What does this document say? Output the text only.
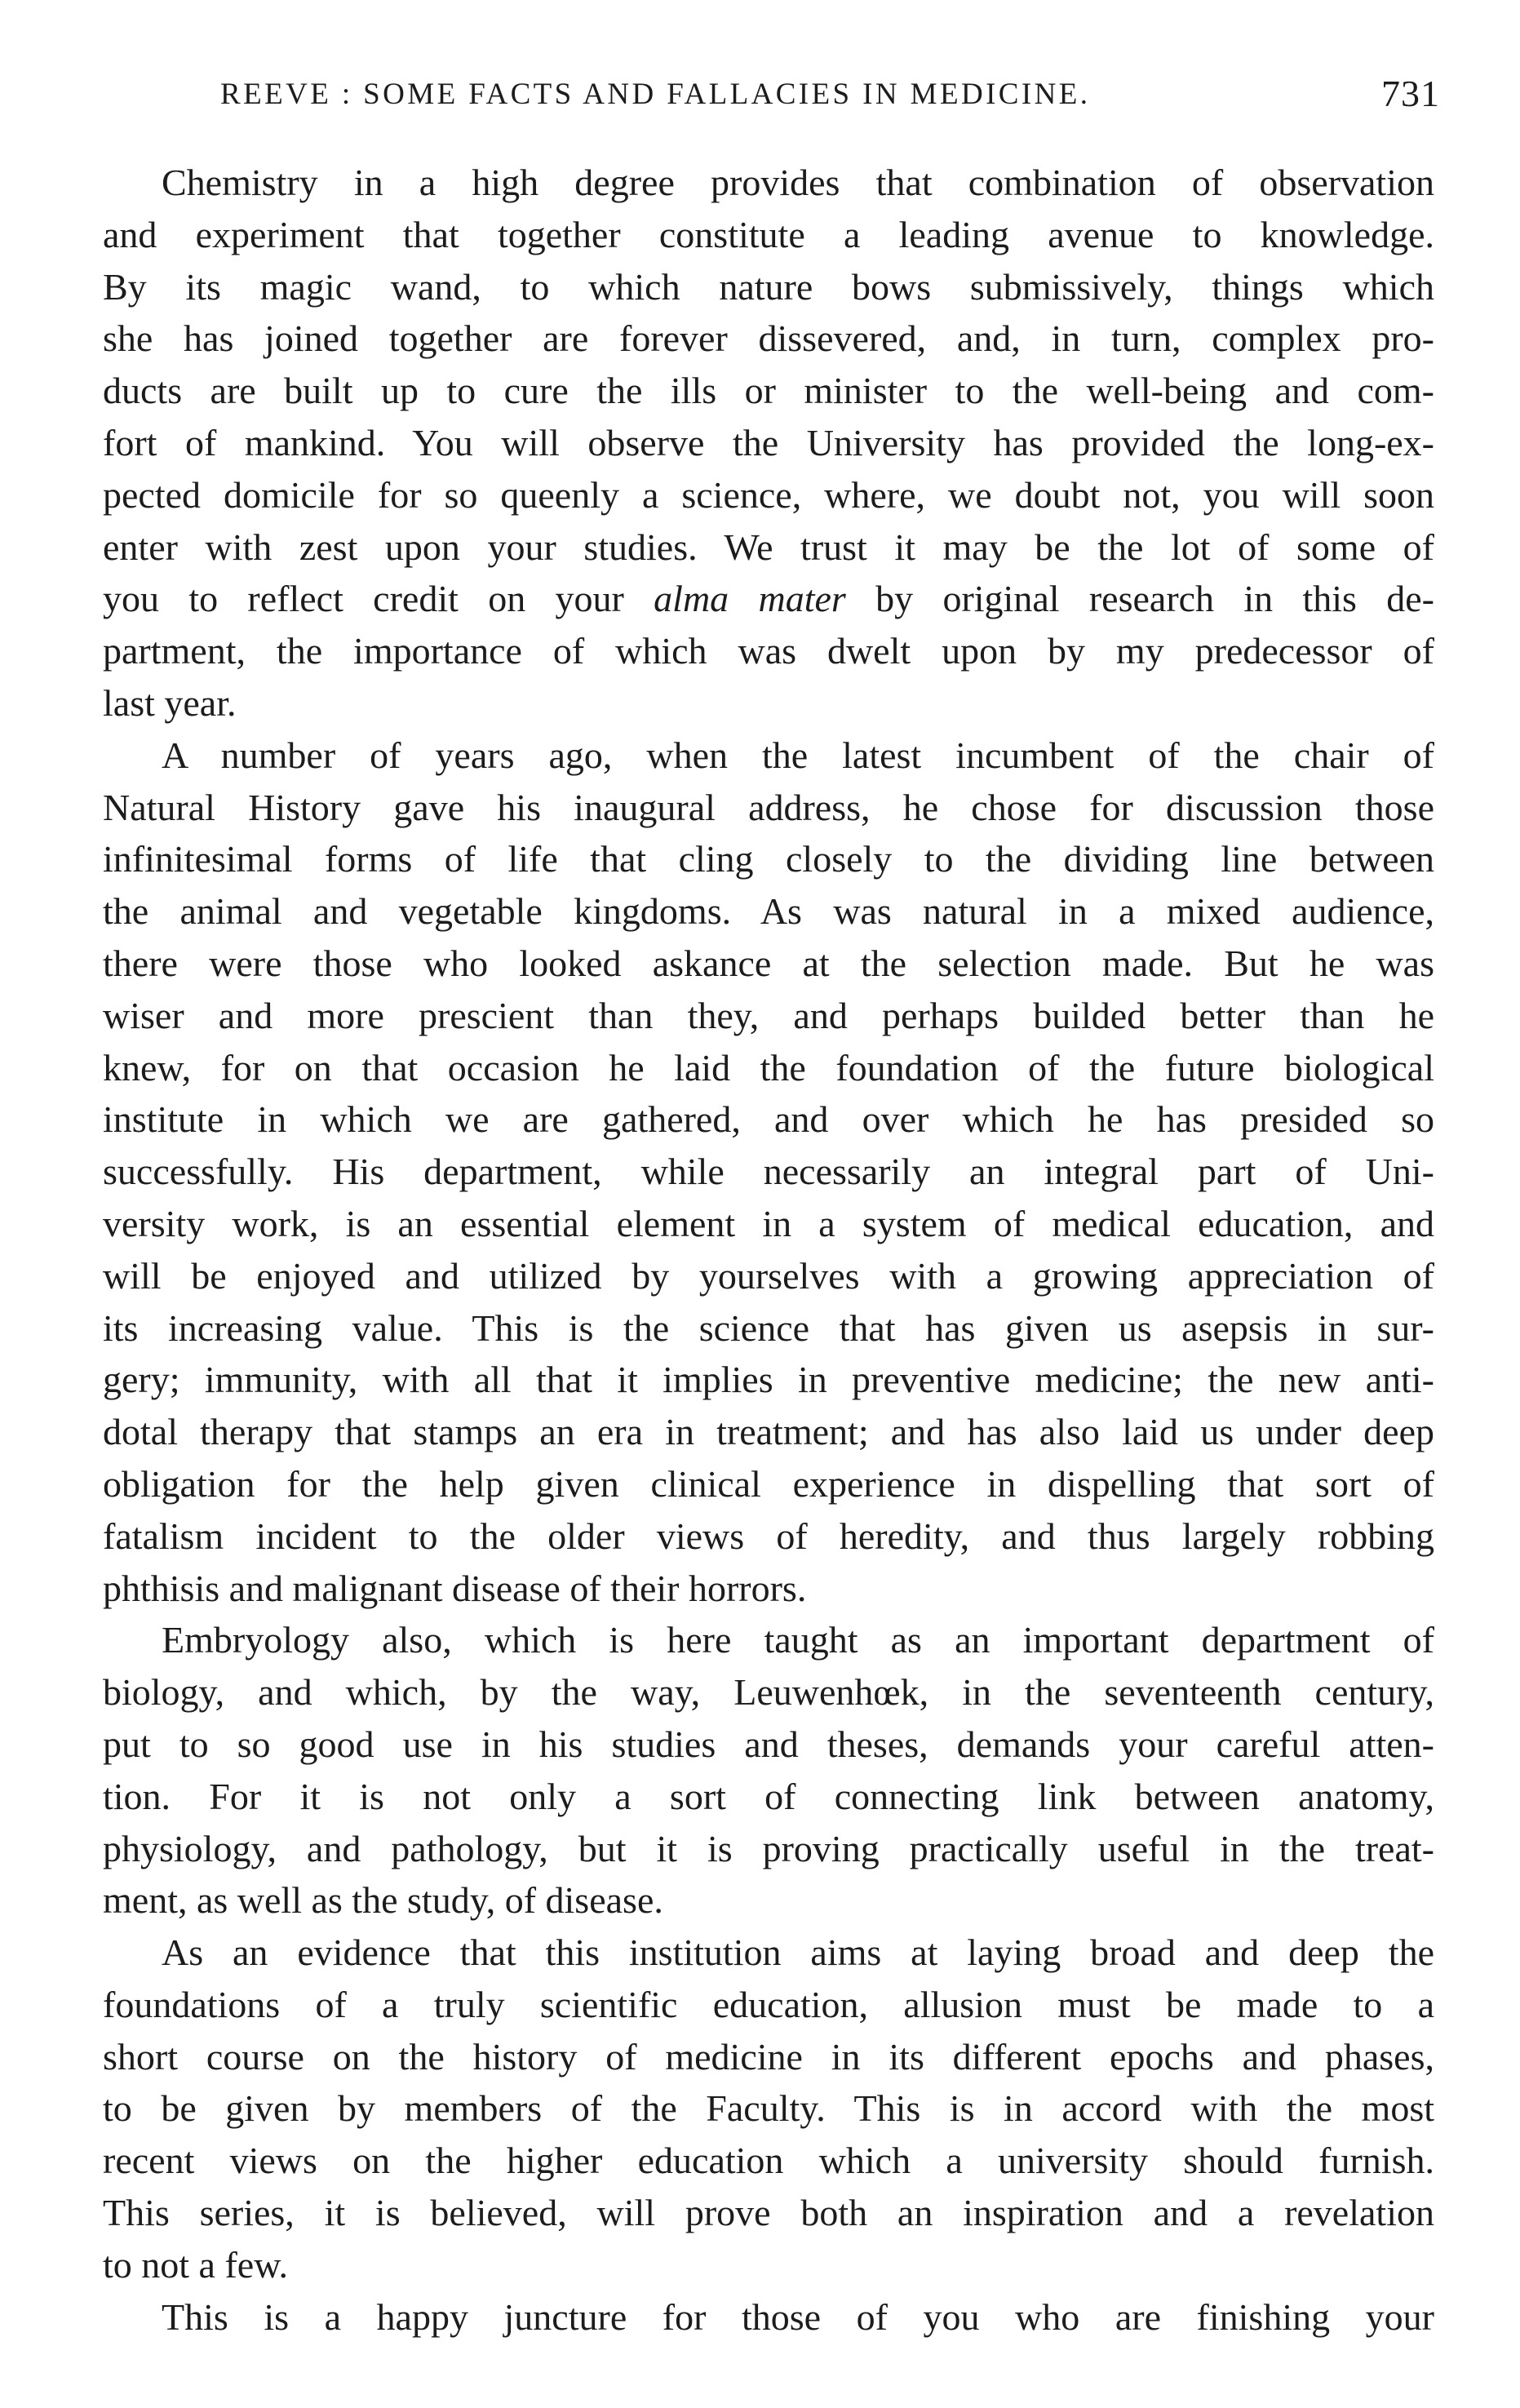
REEVE : SOME FACTS AND FALLACIES IN MEDICINE.	731
Chemistry in a high degree provides that combination of observation
and experiment that together constitute a leading avenue to knowledge.
By its magic wand, to which nature bows submissively, things which
she has joined together are forever dissevered, and, in turn, complex pro-
ducts are built up to cure the ills or minister to the well-being and com-
fort of mankind. You will observe the University has provided the long-ex-
pected domicile for so queenly a science, where, we doubt not, you will soon
enter with zest upon your studies. We trust it may be the lot of some of
you to reflect credit on your alma mater by original research in this de-
partment, the importance of which was dwelt upon by my predecessor of
last year.
A number of years ago, when the latest incumbent of the chair of
Natural History gave his inaugural address, he chose for discussion those
infinitesimal forms of life that cling closely to the dividing line between
the animal and vegetable kingdoms. As was natural in a mixed audience,
there were those who looked askance at the selection made. But he was
wiser and more prescient than they, and perhaps builded better than he
knew, for on that occasion he laid the foundation of the future biological
institute in which we are gathered, and over which he has presided so
successfully. His department, while necessarily an integral part of Uni-
versity work, is an essential element in a system of medical education, and
will be enjoyed and utilized by yourselves with a growing appreciation of
its increasing value. This is the science that has given us asepsis in sur-
gery; immunity, with all that it implies in preventive medicine; the new anti-
dotal therapy that stamps an era in treatment; and has also laid us under deep
obligation for the help given clinical experience in dispelling that sort of
fatalism incident to the older views of heredity, and thus largely robbing
phthisis and malignant disease of their horrors.
Embryology also, which is here taught as an important department of
biology, and which, by the way, Leuwenhœk, in the seventeenth century,
put to so good use in his studies and theses, demands your careful atten-
tion. For it is not only a sort of connecting link between anatomy,
physiology, and pathology, but it is proving practically useful in the treat-
ment, as well as the study, of disease.
As an evidence that this institution aims at laying broad and deep the
foundations of a truly scientific education, allusion must be made to a
short course on the history of medicine in its different epochs and phases,
to be given by members of the Faculty. This is in accord with the most
recent views on the higher education which a university should furnish.
This series, it is believed, will prove both an inspiration and a revelation
to not a few.
This is a happy juncture for those of you who are finishing your
